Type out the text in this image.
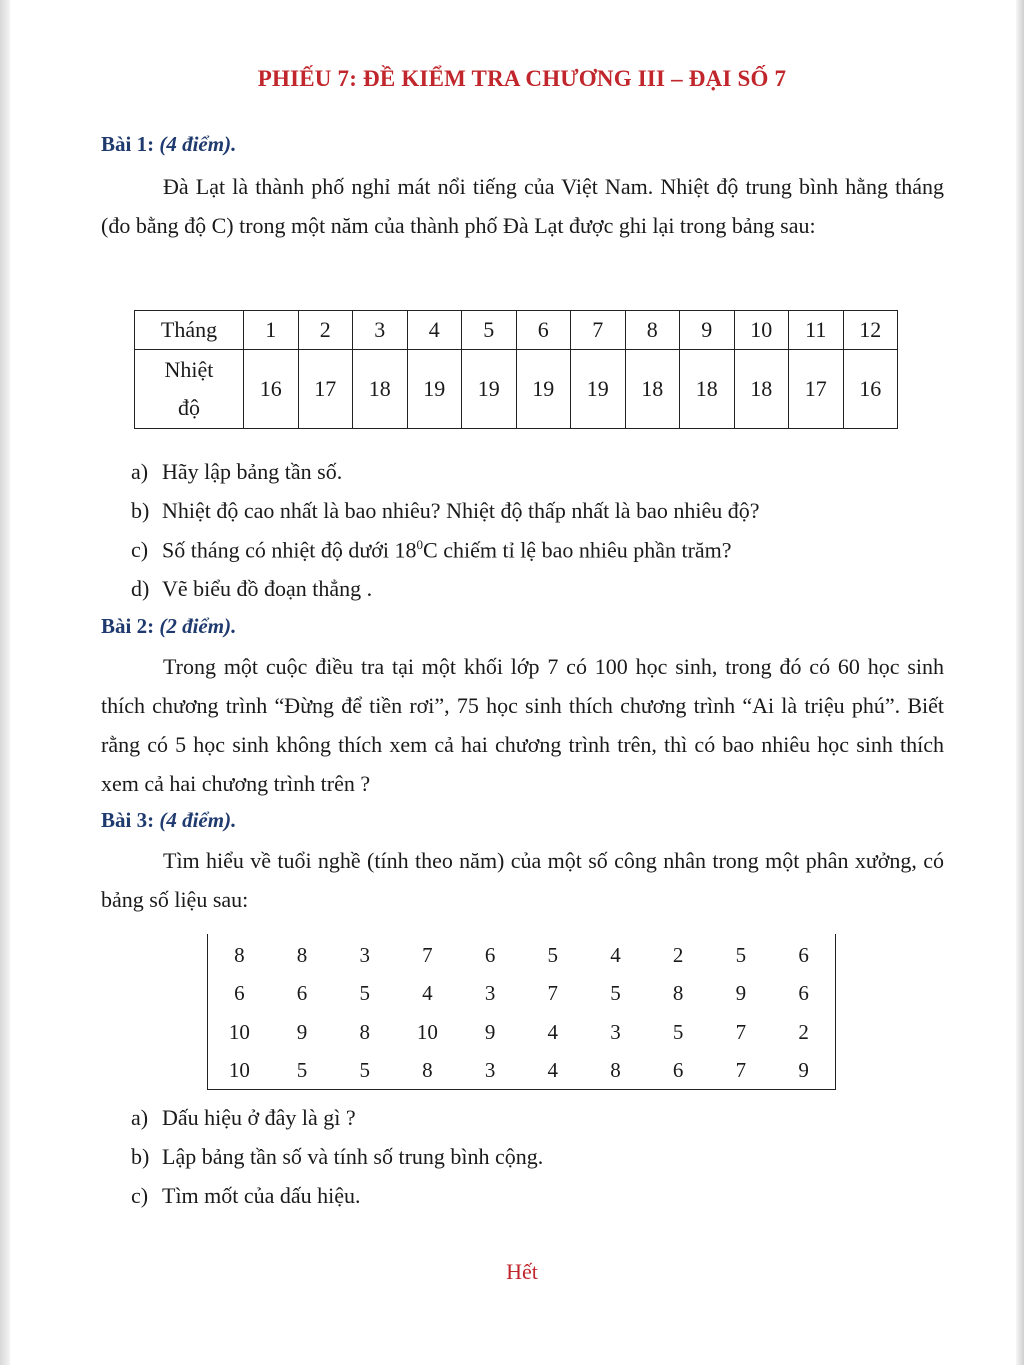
PHIẾU 7: ĐỀ KIỂM TRA CHƯƠNG III – ĐẠI SỐ 7
Bài 1: (4 điểm).
Đà Lạt là thành phố nghỉ mát nổi tiếng của Việt Nam. Nhiệt độ trung bình hằng tháng (đo bằng độ C) trong một năm của thành phố Đà Lạt được ghi lại trong bảng sau:
Tháng	1	2	3	4	5	6	7	8	9	10	11	12

Nhiệt
độ	16	17	18	19	19	19	19	18	18	18	17	16
a) Hãy lập bảng tần số.
b) Nhiệt độ cao nhất là bao nhiêu? Nhiệt độ thấp nhất là bao nhiêu độ?
c) Số tháng có nhiệt độ dưới $18^0C$ chiếm tỉ lệ bao nhiêu phần trăm?
d) Vẽ biểu đồ đoạn thẳng .
Bài 2: (2 điểm).
Trong một cuộc điều tra tại một khối lớp 7 có 100 học sinh, trong đó có 60 học sinh thích chương trình “Đừng để tiền rơi”, 75 học sinh thích chương trình “Ai là triệu phú”. Biết rằng có 5 học sinh không thích xem cả hai chương trình trên, thì có bao nhiêu học sinh thích xem cả hai chương trình trên ?
Bài 3: (4 điểm).
Tìm hiểu về tuổi nghề (tính theo năm) của một số công nhân trong một phân xưởng, có bảng số liệu sau:
8	8	3	7	6	5	4	2	5	6
6	6	5	4	3	7	5	8	9	6
10	9	8	10	9	4	3	5	7	2
10	5	5	8	3	4	8	6	7	9
a) Dấu hiệu ở đây là gì ?
b) Lập bảng tần số và tính số trung bình cộng.
c) Tìm mốt của dấu hiệu.
Hết
